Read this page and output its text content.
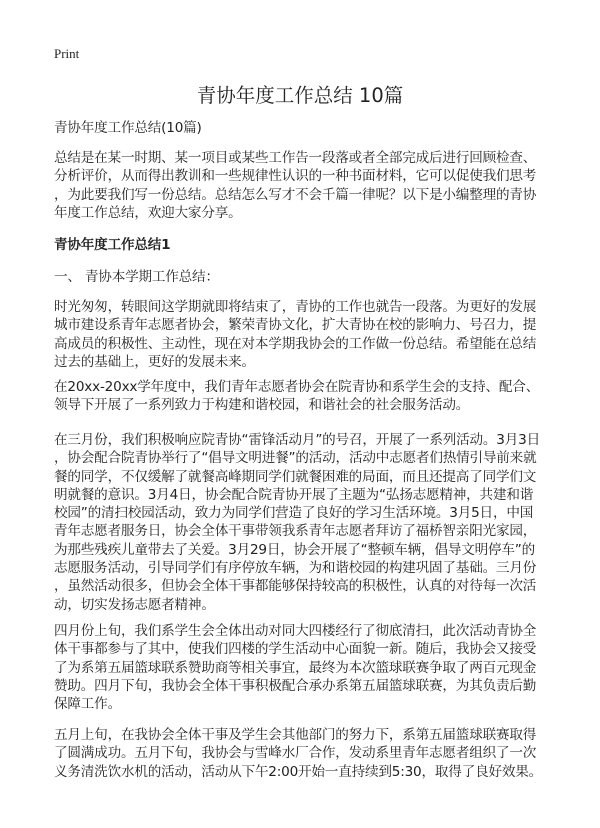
Print
青协年度工作总结 10篇
青协年度工作总结(10篇)
总结是在某一时期、某一项目或某些工作告一段落或者全部完成后进行回顾检查、
分析评价，从而得出教训和一些规律性认识的一种书面材料，它可以促使我们思考
，为此要我们写一份总结。总结怎么写才不会千篇一律呢？以下是小编整理的青协
年度工作总结，欢迎大家分享。
青协年度工作总结1
一、 青协本学期工作总结：
时光匆匆，转眼间这学期就即将结束了，青协的工作也就告一段落。为更好的发展
城市建设系青年志愿者协会，繁荣青协文化，扩大青协在校的影响力、号召力，提
高成员的积极性、主动性，现在对本学期我协会的工作做一份总结。希望能在总结
过去的基础上，更好的发展未来。
在20xx-20xx学年度中，我们青年志愿者协会在院青协和系学生会的支持、配合、
领导下开展了一系列致力于构建和谐校园，和谐社会的社会服务活动。
在三月份，我们积极响应院青协“雷锋活动月”的号召，开展了一系列活动。3月3日
，协会配合院青协举行了“倡导文明进餐”的活动，活动中志愿者们热情引导前来就
餐的同学，不仅缓解了就餐高峰期同学们就餐困难的局面，而且还提高了同学们文
明就餐的意识。3月4日，协会配合院青协开展了主题为“弘扬志愿精神，共建和谐
校园”的清扫校园活动，致力为同学们营造了良好的学习生活环境。3月5日，中国
青年志愿者服务日，协会全体干事带领我系青年志愿者拜访了福桥智亲阳光家园，
为那些残疾儿童带去了关爱。3月29日，协会开展了“整顿车辆，倡导文明停车”的
志愿服务活动，引导同学们有序停放车辆，为和谐校园的构建巩固了基础。三月份
，虽然活动很多，但协会全体干事都能够保持较高的积极性，认真的对待每一次活
动，切实发扬志愿者精神。
四月份上旬，我们系学生会全体出动对同大四楼经行了彻底清扫，此次活动青协全
体干事都参与了其中，使我们四楼的学生活动中心面貌一新。随后，我协会又接受
了为系第五届篮球联系赞助商等相关事宜，最终为本次篮球联赛争取了两百元现金
赞助。四月下旬，我协会全体干事积极配合承办系第五届篮球联赛，为其负责后勤
保障工作。
五月上旬，在我协会全体干事及学生会其他部门的努力下，系第五届篮球联赛取得
了圆满成功。五月下旬，我协会与雪峰水厂合作，发动系里青年志愿者组织了一次
义务清洗饮水机的活动，活动从下午2:00开始一直持续到5:30，取得了良好效果。
